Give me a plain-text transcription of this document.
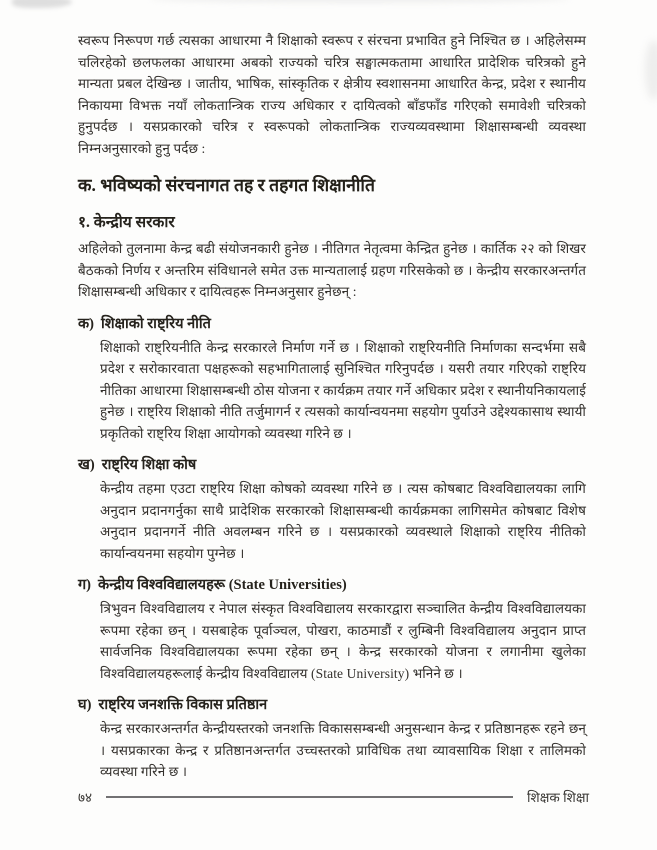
स्वरूप निरूपण गर्छ त्यसका आधारमा नै शिक्षाको स्वरूप र संरचना प्रभावित हुने निश्चित छ । अहिलेसम्म चलिरहेको छलफलका आधारमा अबको राज्यको चरित्र सङ्घात्मकतामा आधारित प्रादेशिक चरित्रको हुने मान्यता प्रबल देखिन्छ । जातीय, भाषिक, सांस्कृतिक र क्षेत्रीय स्वशासनमा आधारित केन्द्र, प्रदेश र स्थानीय निकायमा विभक्त नयाँ लोकतान्त्रिक राज्य अधिकार र दायित्वको बाँडफाँड गरिएको समावेशी चरित्रको हुनुपर्दछ । यसप्रकारको चरित्र र स्वरूपको लोकतान्त्रिक राज्यव्यवस्थामा शिक्षासम्बन्धी व्यवस्था निम्नअनुसारको हुनु पर्दछ :

क. भविष्यको संरचनागत तह र तहगत शिक्षानीति
१. केन्द्रीय सरकार

अहिलेको तुलनामा केन्द्र बढी संयोजनकारी हुनेछ । नीतिगत नेतृत्वमा केन्द्रित हुनेछ । कार्तिक २२ को शिखर बैठकको निर्णय र अन्तरिम संविधानले समेत उक्त मान्यतालाई ग्रहण गरिसकेको छ । केन्द्रीय सरकारअन्तर्गत शिक्षासम्बन्धी अधिकार र दायित्वहरू निम्नअनुसार हुनेछन् :

क) शिक्षाको राष्ट्रिय नीति

शिक्षाको राष्ट्रियनीति केन्द्र सरकारले निर्माण गर्ने छ । शिक्षाको राष्ट्रियनीति निर्माणका सन्दर्भमा सबै प्रदेश र सरोकारवाता पक्षहरूको सहभागितालाई सुनिश्चित गरिनुपर्दछ । यसरी तयार गरिएको राष्ट्रिय नीतिका आधारमा शिक्षासम्बन्धी ठोस योजना र कार्यक्रम तयार गर्ने अधिकार प्रदेश र स्थानीयनिकायलाई हुनेछ । राष्ट्रिय शिक्षाको नीति तर्जुमागर्न र त्यसको कार्यान्वयनमा सहयोग पुर्याउने उद्देश्यकासाथ स्थायी प्रकृतिको राष्ट्रिय शिक्षा आयोगको व्यवस्था गरिने छ ।

ख) राष्ट्रिय शिक्षा कोष

केन्द्रीय तहमा एउटा राष्ट्रिय शिक्षा कोषको व्यवस्था गरिने छ । त्यस कोषबाट विश्वविद्यालयका लागि अनुदान प्रदानगर्नुका साथै प्रादेशिक सरकारको शिक्षासम्बन्धी कार्यक्रमका लागिसमेत कोषबाट विशेष अनुदान प्रदानगर्ने नीति अवलम्बन गरिने छ । यसप्रकारको व्यवस्थाले शिक्षाको राष्ट्रिय नीतिको कार्यान्वयनमा सहयोग पुग्नेछ ।

ग) केन्द्रीय विश्वविद्यालयहरू (State Universities)

त्रिभुवन विश्वविद्यालय र नेपाल संस्कृत विश्वविद्यालय सरकारद्वारा सञ्चालित केन्द्रीय विश्वविद्यालयका रूपमा रहेका छन् । यसबाहेक पूर्वाञ्चल, पोखरा, काठमाडौं र लुम्बिनी विश्वविद्यालय अनुदान प्राप्त सार्वजनिक विश्वविद्यालयका रूपमा रहेका छन् । केन्द्र सरकारको योजना र लगानीमा खुलेका विश्वविद्यालयहरूलाई केन्द्रीय विश्वविद्यालय (State University) भनिने छ ।

घ) राष्ट्रिय जनशक्ति विकास प्रतिष्ठान

केन्द्र सरकारअन्तर्गत केन्द्रीयस्तरको जनशक्ति विकाससम्बन्धी अनुसन्धान केन्द्र र प्रतिष्ठानहरू रहने छन् । यसप्रकारका केन्द्र र प्रतिष्ठानअन्तर्गत उच्चस्तरको प्राविधिक तथा व्यावसायिक शिक्षा र तालिमको व्यवस्था गरिने छ ।

७४	शिक्षक शिक्षा
